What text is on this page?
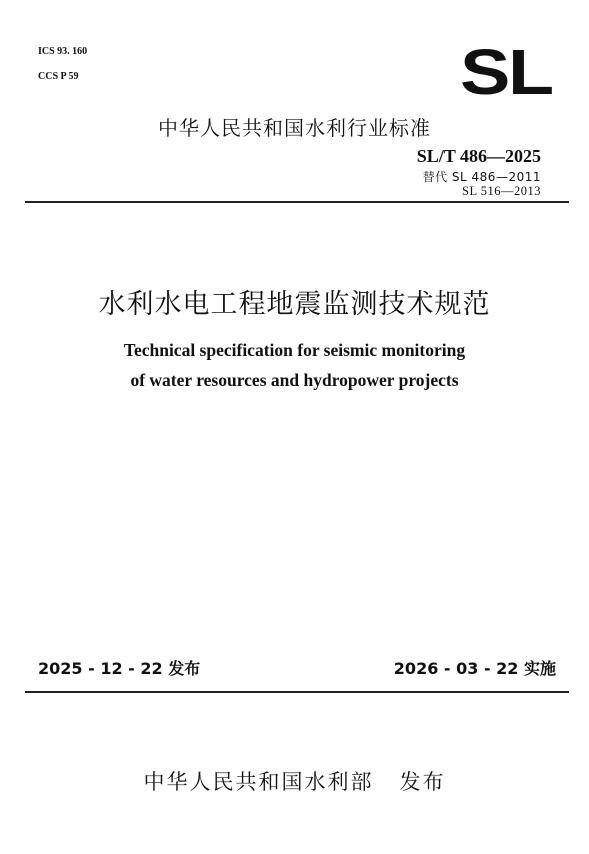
ICS 93. 160
CCS P 59	SL
中华人民共和国水利行业标准
SL/T 486—2025
替代 SL 486—2011
SL 516—2013
水利水电工程地震监测技术规范
Technical specification for seismic monitoring
of water resources and hydropower projects
2025 - 12 - 22 发布	2026 - 03 - 22 实施
中华人民共和国水利部   发布
